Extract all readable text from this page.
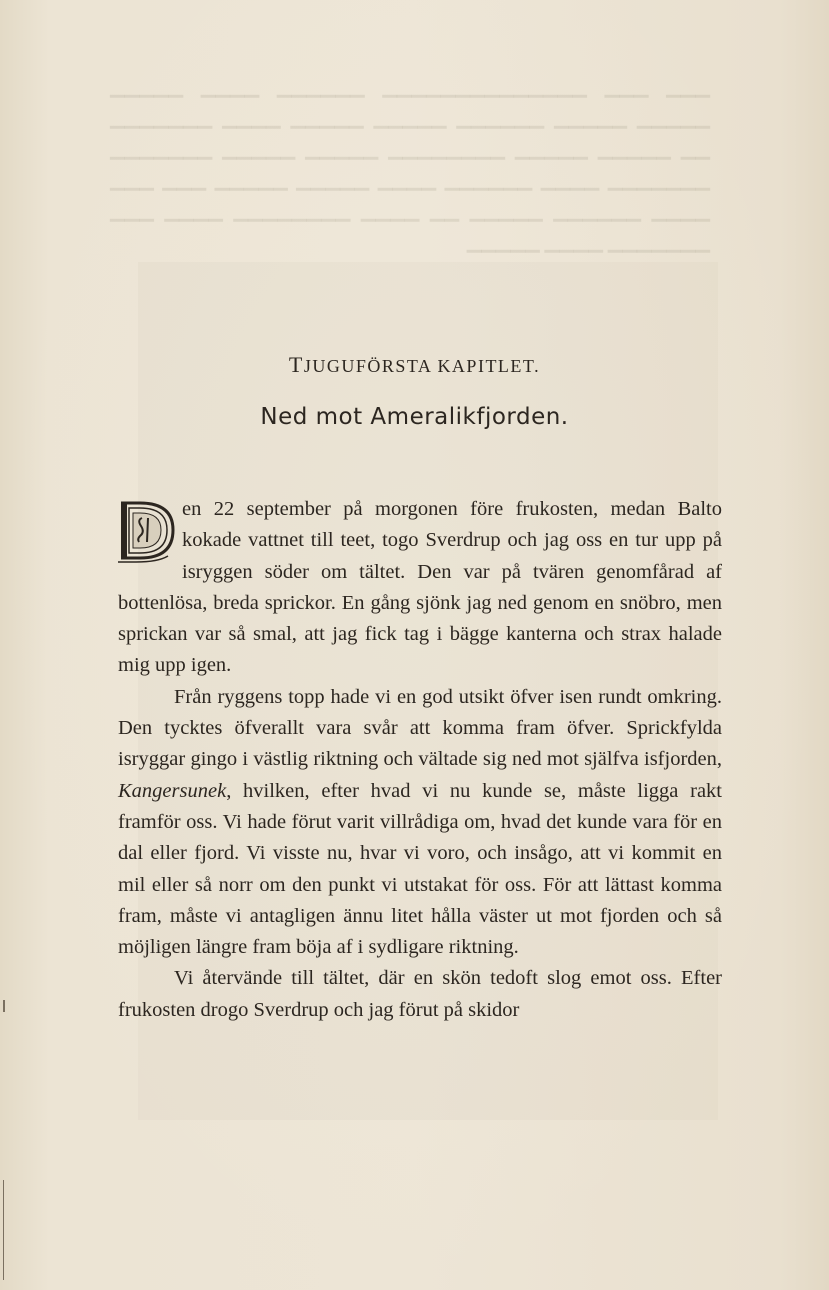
▁▁▁ ▁▁▁ ▁▁▁▁▁▁▁▁▁▁▁▁▁▁ ▁▁▁▁▁▁ ▁▁▁▁ ▁▁▁▁▁ ▁▁▁▁▁ ▁▁▁▁▁ ▁▁▁▁▁▁ ▁▁▁▁▁ ▁▁▁▁▁ ▁▁▁▁ ▁▁▁▁▁▁▁ ▁▁ ▁▁▁▁▁ ▁▁▁▁▁ ▁▁▁▁▁▁▁▁ ▁▁▁▁▁ ▁▁▁▁▁ ▁▁▁▁▁▁▁ ▁▁▁▁▁▁▁ ▁▁▁▁ ▁▁▁▁▁▁ ▁▁▁▁ ▁▁▁▁▁ ▁▁▁▁▁ ▁▁▁ ▁▁▁ ▁▁▁▁ ▁▁▁▁▁▁ ▁▁▁▁▁ ▁▁ ▁▁▁▁ ▁▁▁▁▁▁▁▁ ▁▁▁▁ ▁▁▁ ▁▁▁▁▁▁▁ ▁▁▁▁ ▁▁▁▁▁
TJUGUFÖRSTA KAPITLET.
Ned mot Ameralikfjorden.

D
en 22 september på morgonen före frukosten, medan Balto kokade vattnet till teet, togo Sverdrup och jag oss en tur upp på isryggen söder om tältet. Den var på tvären genomfårad af bottenlösa, breda sprickor. En gång sjönk jag ned genom en snöbro, men sprickan var så smal, att jag fick tag i bägge kanterna och strax halade mig upp igen.

Från ryggens topp hade vi en god utsikt öfver isen rundt omkring. Den tycktes öfverallt vara svår att komma fram öfver. Sprickfylda isryggar gingo i västlig riktning och vältade sig ned mot själfva isfjorden, Kangersunek, hvilken, efter hvad vi nu kunde se, måste ligga rakt framför oss. Vi hade förut varit villrådiga om, hvad det kunde vara för en dal eller fjord. Vi visste nu, hvar vi voro, och insågo, att vi kommit en mil eller så norr om den punkt vi utstakat för oss. För att lättast komma fram, måste vi antagligen ännu litet hålla väster ut mot fjorden och så möjligen längre fram böja af i sydligare riktning.

Vi återvände till tältet, där en skön tedoft slog emot oss. Efter frukosten drogo Sverdrup och jag förut på skidor
